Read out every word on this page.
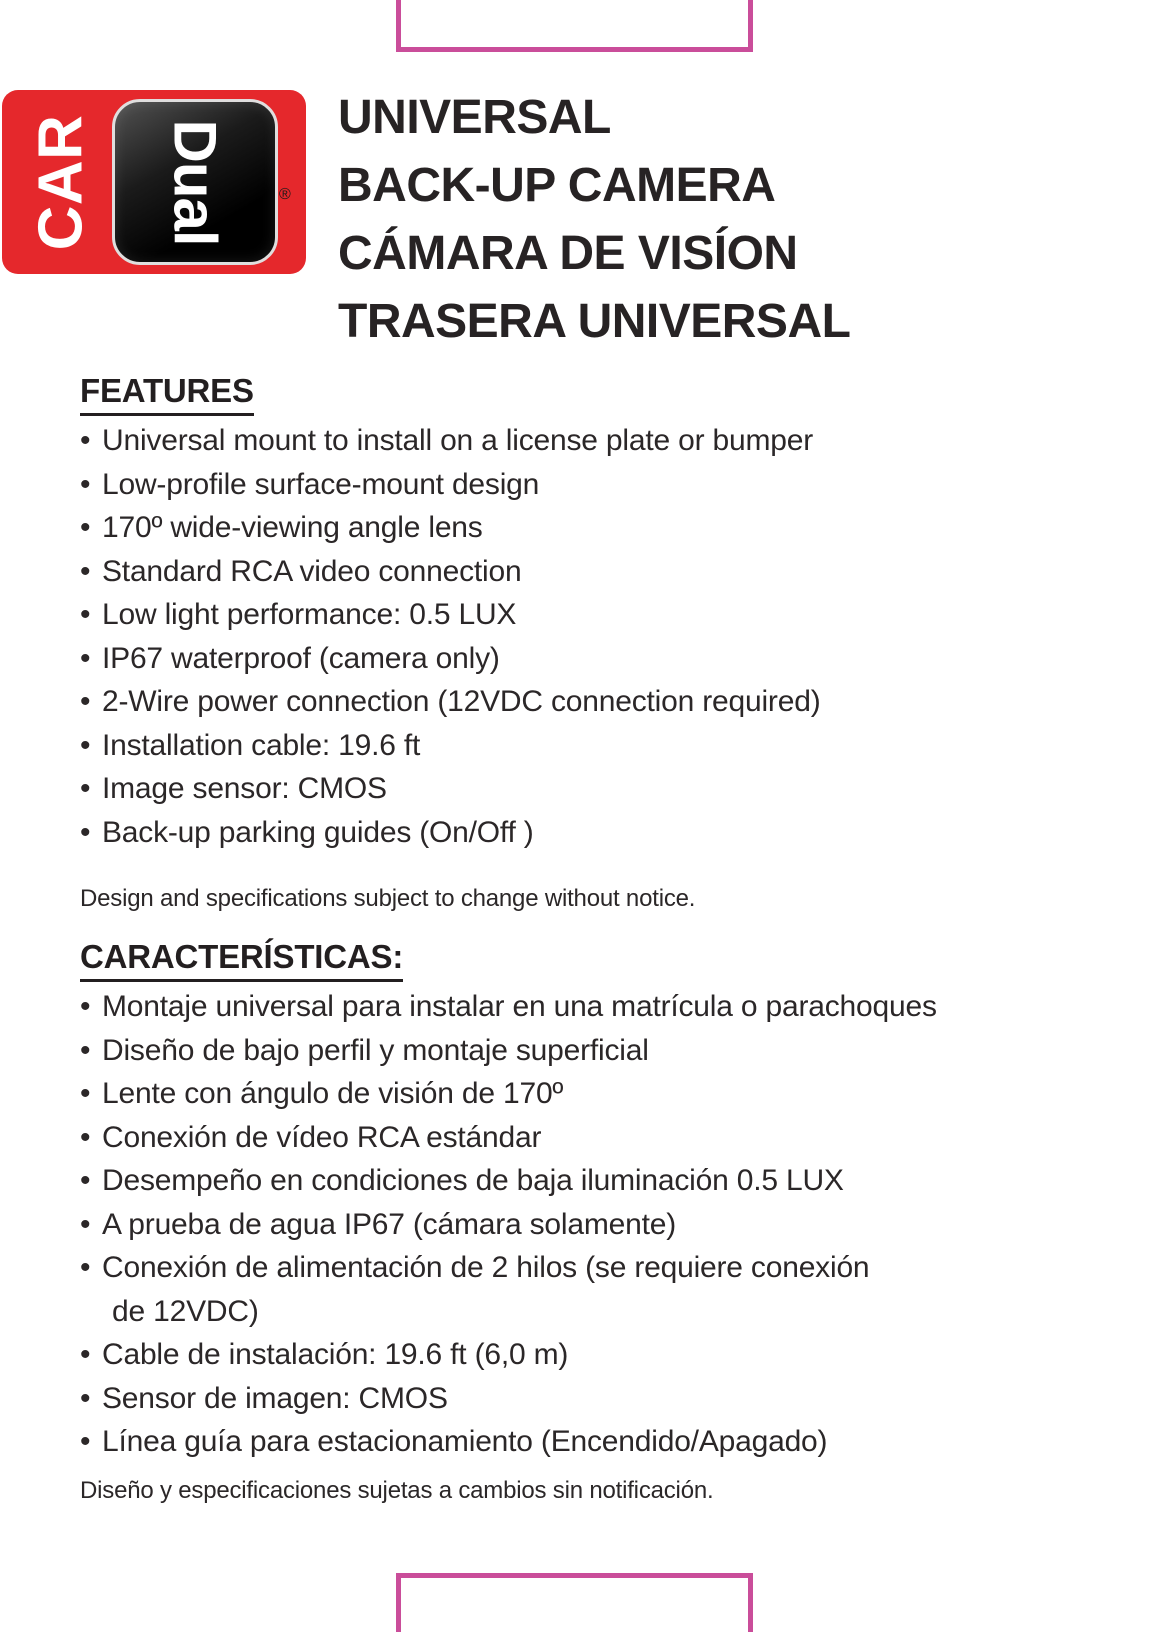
CAR Dual	®
UNIVERSAL
BACK-UP CAMERA
CÁMARA DE VISÍON
TRASERA UNIVERSAL
FEATURES
• Universal mount to install on a license plate or bumper
• Low-profile surface-mount design
• 170º wide-viewing angle lens
• Standard RCA video connection
• Low light performance: 0.5 LUX
• IP67 waterproof (camera only)
• 2-Wire power connection (12VDC connection required)
• Installation cable: 19.6 ft
• Image sensor: CMOS
• Back-up parking guides (On/Off )
Design and specifications subject to change without notice.
CARACTERÍSTICAS:
• Montaje universal para instalar en una matrícula o parachoques
• Diseño de bajo perfil y montaje superficial
• Lente con ángulo de visión de 170º
• Conexión de vídeo RCA estándar
• Desempeño en condiciones de baja iluminación 0.5 LUX
• A prueba de agua IP67 (cámara solamente)
• Conexión de alimentación de 2 hilos (se requiere conexión
de 12VDC)
• Cable de instalación: 19.6 ft (6,0 m)
• Sensor de imagen: CMOS
• Línea guía para estacionamiento (Encendido/Apagado)
Diseño y especificaciones sujetas a cambios sin notificación.
